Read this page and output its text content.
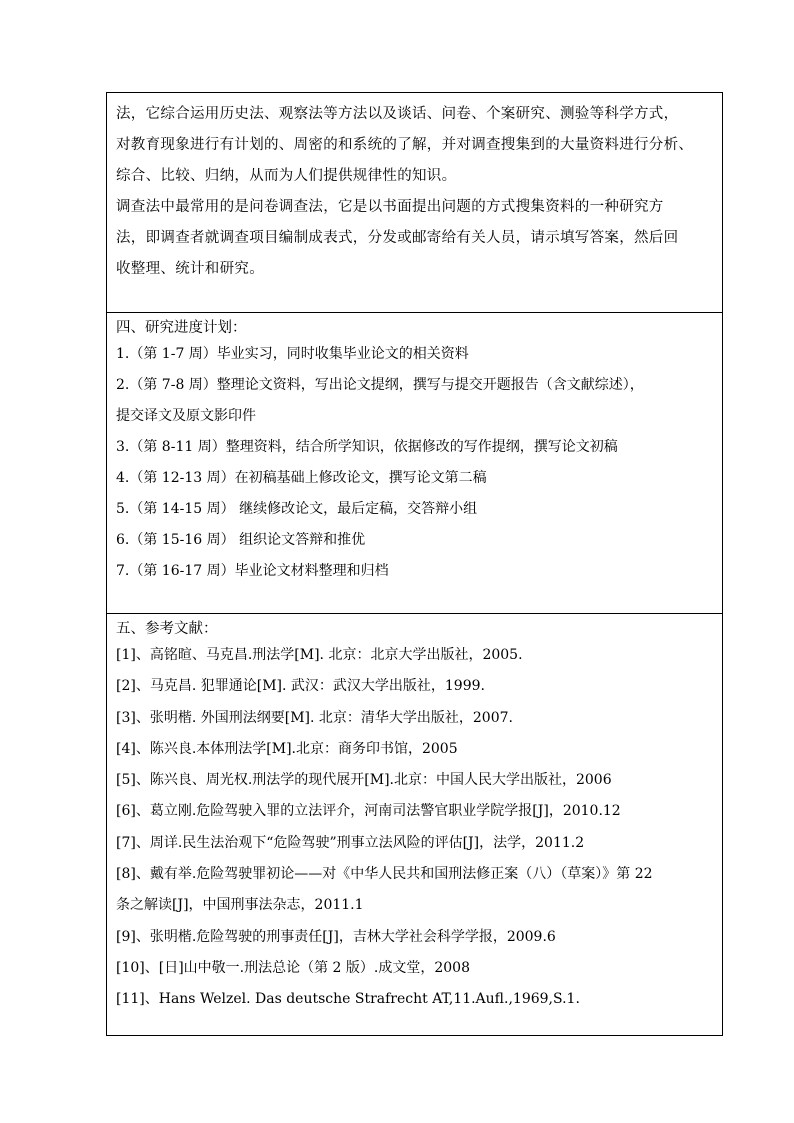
法，它综合运用历史法、观察法等方法以及谈话、问卷、个案研究、测验等科学方式，

对教育现象进行有计划的、周密的和系统的了解，并对调查搜集到的大量资料进行分析、

综合、比较、归纳，从而为人们提供规律性的知识。

调查法中最常用的是问卷调查法，它是以书面提出问题的方式搜集资料的一种研究方

法，即调查者就调查项目编制成表式，分发或邮寄给有关人员，请示填写答案，然后回

收整理、统计和研究。

四、研究进度计划：

1.（第 1-7 周）毕业实习，同时收集毕业论文的相关资料

2.（第 7-8 周）整理论文资料，写出论文提纲，撰写与提交开题报告（含文献综述），

提交译文及原文影印件

3.（第 8-11 周）整理资料，结合所学知识，依据修改的写作提纲，撰写论文初稿

4.（第 12-13 周）在初稿基础上修改论文，撰写论文第二稿

5.（第 14-15 周） 继续修改论文，最后定稿，交答辩小组

6.（第 15-16 周） 组织论文答辩和推优

7.（第 16-17 周）毕业论文材料整理和归档

五、参考文献：

[1]、高铭暄、马克昌.刑法学[M]. 北京：北京大学出版社，2005.

[2]、马克昌. 犯罪通论[M]. 武汉：武汉大学出版社，1999.

[3]、张明楷. 外国刑法纲要[M]. 北京：清华大学出版社，2007.

[4]、陈兴良.本体刑法学[M].北京：商务印书馆，2005

[5]、陈兴良、周光权.刑法学的现代展开[M].北京：中国人民大学出版社，2006

[6]、葛立刚.危险驾驶入罪的立法评介，河南司法警官职业学院学报[J]，2010.12

[7]、周详.民生法治观下“危险驾驶”刑事立法风险的评估[J]，法学，2011.2

[8]、戴有举.危险驾驶罪初论——对《中华人民共和国刑法修正案（八）（草案）》第 22

条之解读[J]，中国刑事法杂志，2011.1

[9]、张明楷.危险驾驶的刑事责任[J]，吉林大学社会科学学报，2009.6

[10]、[日]山中敬一.刑法总论（第 2 版）.成文堂，2008

[11]、Hans Welzel. Das deutsche Strafrecht AT,11.Aufl.,1969,S.1.
